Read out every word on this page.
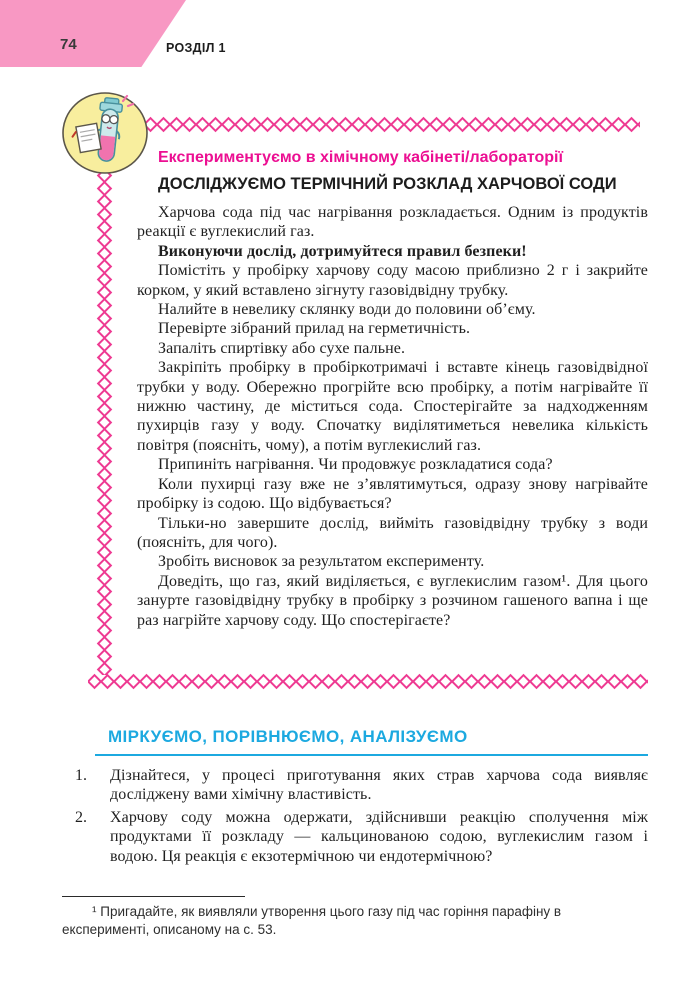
74	РОЗДІЛ 1
Експериментуємо в хімічному кабінеті/лабораторії
ДОСЛІДЖУЄМО ТЕРМІЧНИЙ РОЗКЛАД ХАРЧОВОЇ СОДИ

Харчова сода під час нагрівання розкладається. Одним із продуктів реакції є вуглекислий газ.

Виконуючи дослід, дотримуйтеся правил безпеки!

Помістіть у пробірку харчову соду масою приблизно 2 г і закрийте корком, у який вставлено зігнуту газовідвідну трубку.

Налийте в невелику склянку води до половини об’єму.

Перевірте зібраний прилад на герметичність.

Запаліть спиртівку або сухе пальне.

Закріпіть пробірку в пробіркотримачі і вставте кінець газовідвідної трубки у воду. Обережно прогрійте всю пробірку, а потім нагрівайте її нижню частину, де міститься сода. Спостерігайте за надходженням пухирців газу у воду. Спочатку виділятиметься невелика кількість повітря (поясніть, чому), а потім вуглекислий газ.

Припиніть нагрівання. Чи продовжує розкладатися сода?

Коли пухирці газу вже не з’являтимуться, одразу знову нагрівайте пробірку із содою. Що відбувається?

Тільки-но завершите дослід, вийміть газовідвідну трубку з води (поясніть, для чого).

Зробіть висновок за результатом експерименту.

Доведіть, що газ, який виділяється, є вуглекислим газом¹. Для цього занурте газовідвідну трубку в пробірку з розчином гашеного вапна і ще раз нагрійте харчову соду. Що спостерігаєте?

МІРКУЄМО, ПОРІВНЮЄМО, АНАЛІЗУЄМО
1.	Дізнайтеся, у процесі приготування яких страв харчова сода виявляє досліджену вами хімічну властивість.

2.	Харчову соду можна одержати, здійснивши реакцію сполучення між продуктами її розкладу — кальцинованою содою, вуглекислим газом і водою. Ця реакція є екзотермічною чи ендотермічною?

¹ Пригадайте, як виявляли утворення цього газу під час горіння парафіну в експерименті, описаному на с. 53.
